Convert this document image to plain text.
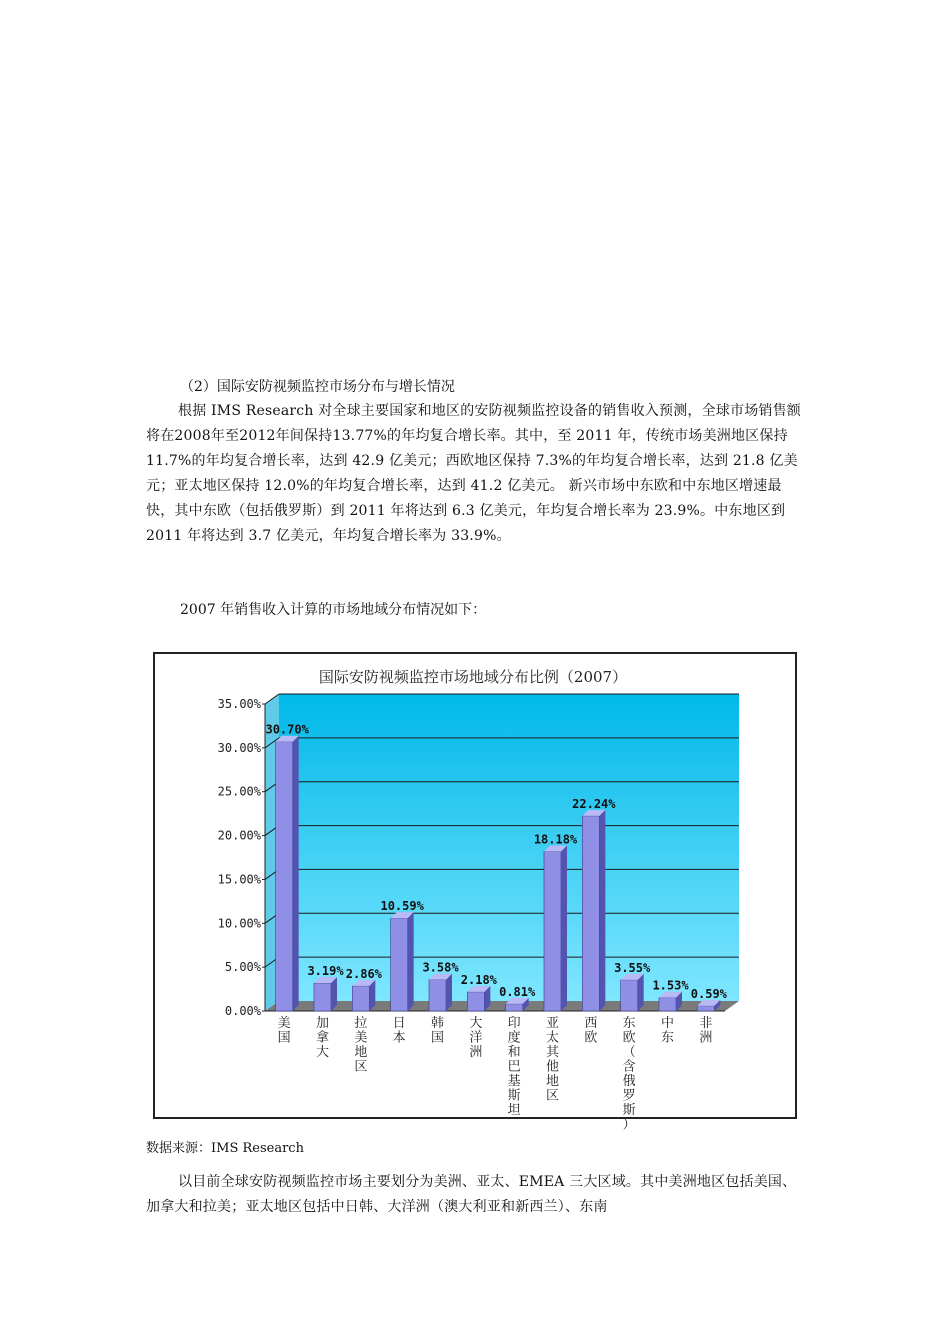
（2）国际安防视频监控市场分布与增长情况
根据 IMS Research 对全球主要国家和地区的安防视频监控设备的销售收入预测，全球市场销售额将在2008年至2012年间保持13.77%的年均复合增长率。其中，至 2011 年，传统市场美洲地区保持 11.7%的年均复合增长率，达到 42.9 亿美元；西欧地区保持 7.3%的年均复合增长率，达到 21.8 亿美元；亚太地区保持 12.0%的年均复合增长率，达到 41.2 亿美元。 新兴市场中东欧和中东地区增速最快，其中东欧（包括俄罗斯）到 2011 年将达到 6.3 亿美元，年均复合增长率为 23.9%。中东地区到 2011 年将达到 3.7 亿美元，年均复合增长率为 33.9%。
2007 年销售收入计算的市场地域分布情况如下：
国际安防视频监控市场地域分布比例（2007）
0.00%
5.00%
10.00%
15.00%
20.00%
25.00%
30.00%
35.00%
30.70%
美国
3.19%
加拿大
2.86%
拉美地区
10.59%
日本
3.58%
韩国
2.18%
大洋洲
0.81%
印度和巴基斯坦
18.18%
亚太其他地区
22.24%
西欧
3.55%
东欧（含俄罗斯）
1.53%
中东
0.59%
非洲
数据来源：IMS Research
以目前全球安防视频监控市场主要划分为美洲、亚太、EMEA 三大区域。其中美洲地区包括美国、加拿大和拉美；亚太地区包括中日韩、大洋洲（澳大利亚和新西兰）、东南
